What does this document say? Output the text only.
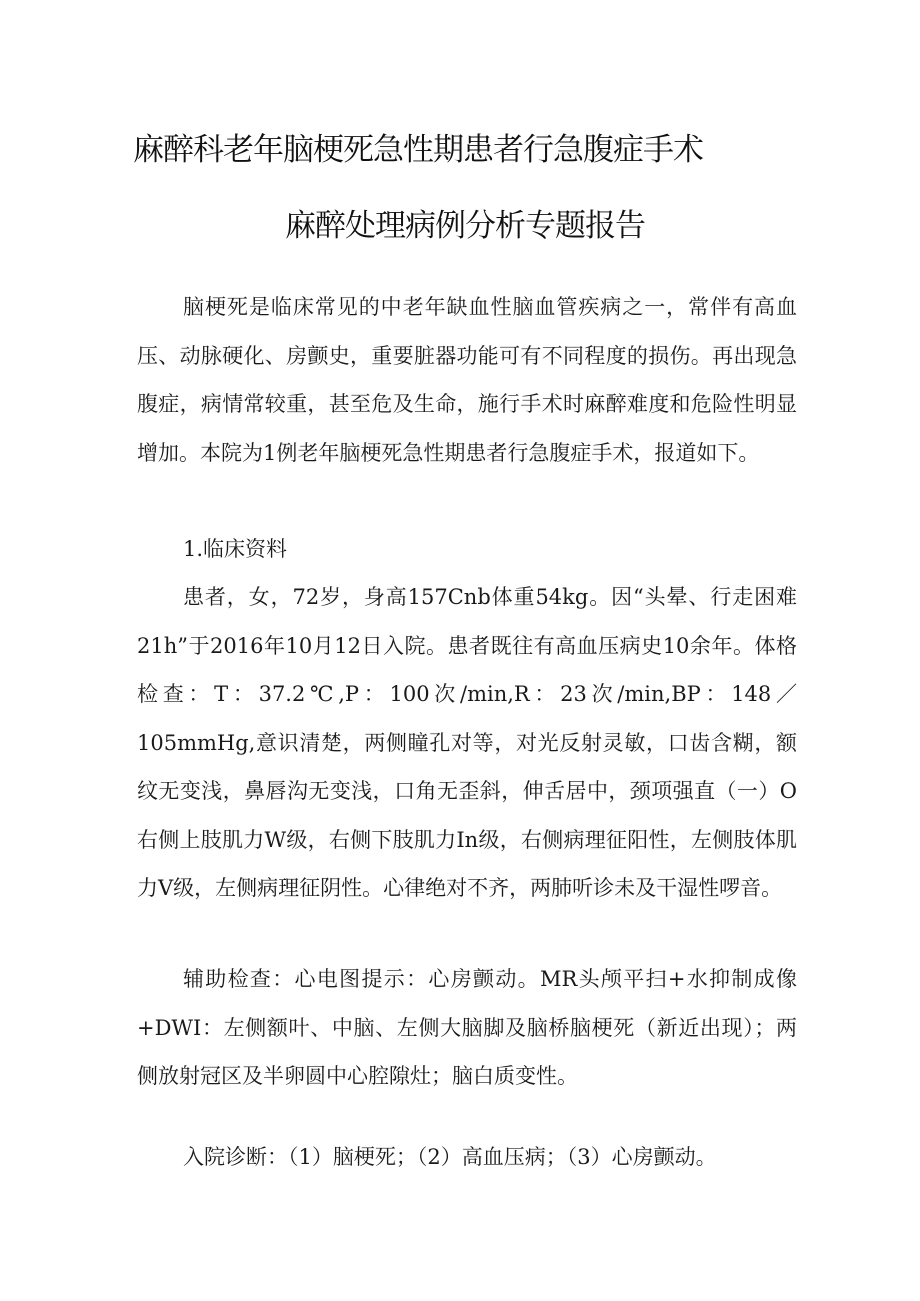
麻醉科老年脑梗死急性期患者行急腹症手术
麻醉处理病例分析专题报告

脑梗死是临床常见的中老年缺血性脑血管疾病之一，常伴有高血压、动脉硬化、房颤史，重要脏器功能可有不同程度的损伤。再出现急腹症，病情常较重，甚至危及生命，施行手术时麻醉难度和危险性明显增加。本院为1例老年脑梗死急性期患者行急腹症手术，报道如下。

1.临床资料

患者，女，72岁，身高157Cnb体重54kg。因“头晕、行走困难21h”于2016年10月12日入院。患者既往有高血压病史10余年。体格检查：T：37.2℃,P：100次/min,R：23次/min,BP：148／105mmHg,意识清楚，两侧瞳孔对等，对光反射灵敏，口齿含糊，额纹无变浅，鼻唇沟无变浅，口角无歪斜，伸舌居中，颈项强直（一）O右侧上肢肌力W级，右侧下肢肌力In级，右侧病理征阳性，左侧肢体肌力V级，左侧病理征阴性。心律绝对不齐，两肺听诊未及干湿性啰音。

辅助检查：心电图提示：心房颤动。MR头颅平扫+水抑制成像+DWI：左侧额叶、中脑、左侧大脑脚及脑桥脑梗死（新近出现）；两侧放射冠区及半卵圆中心腔隙灶；脑白质变性。

入院诊断：（1）脑梗死；（2）高血压病；（3）心房颤动。
